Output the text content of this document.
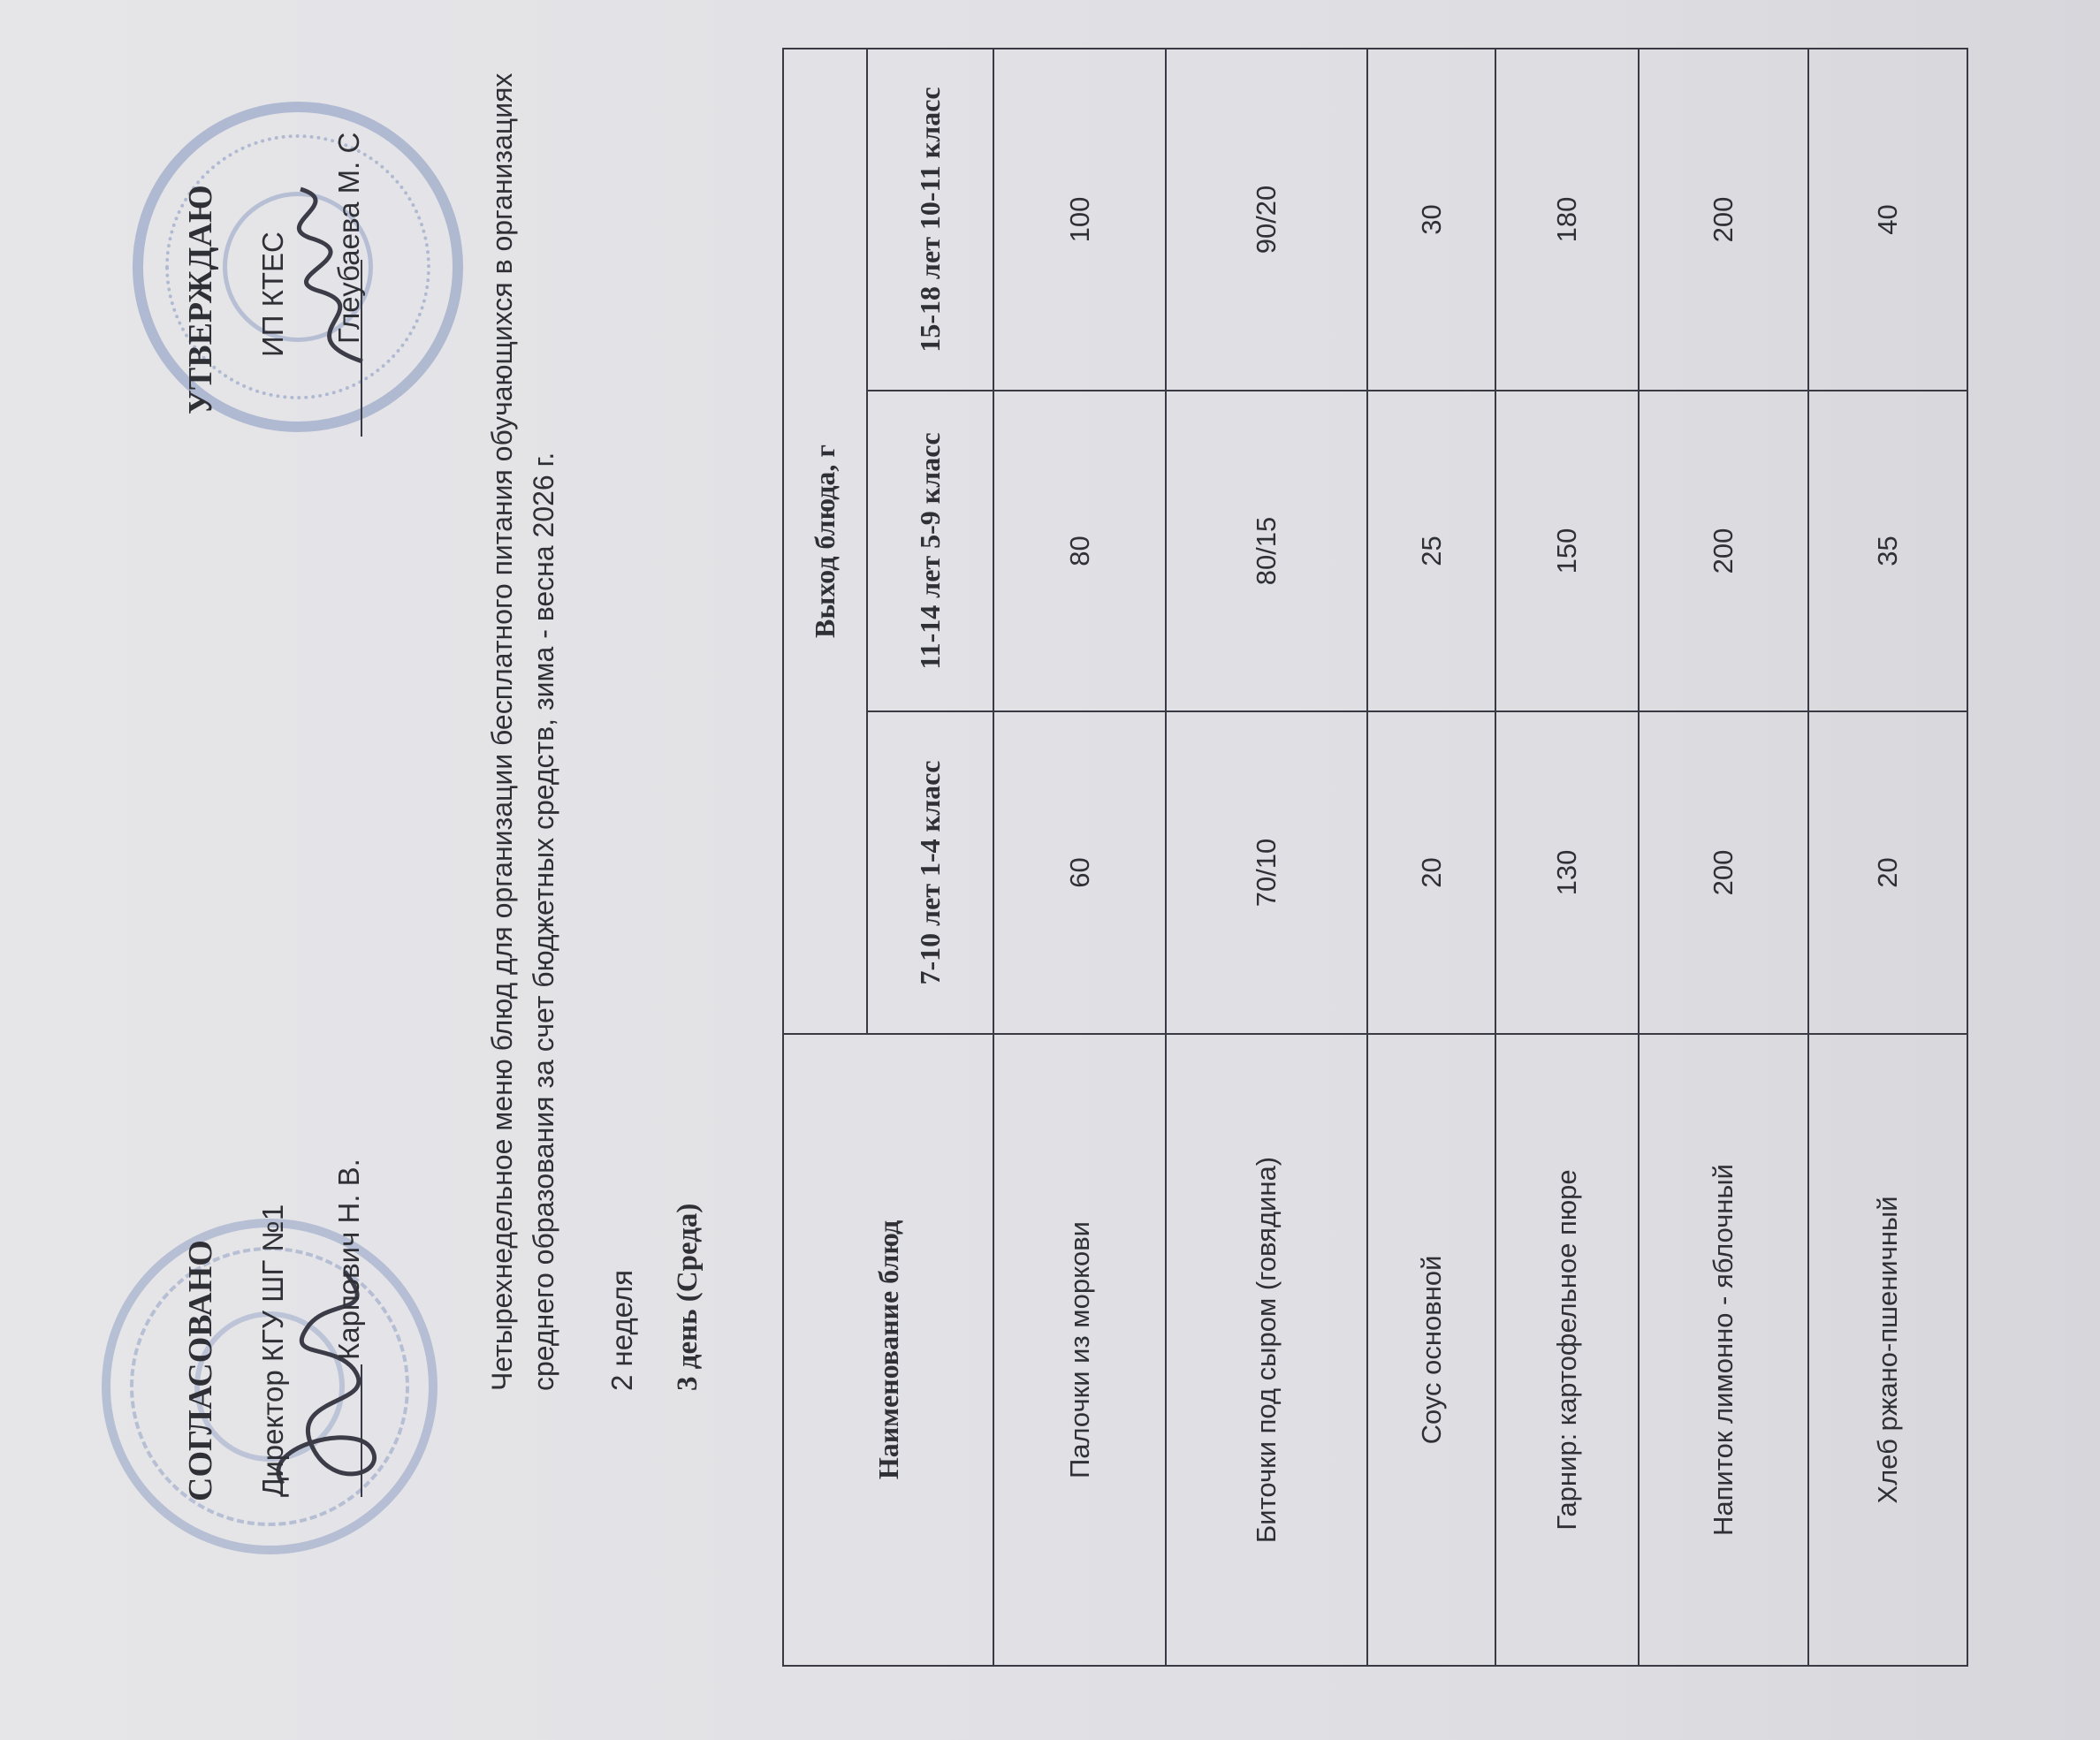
СОГЛАСОВАНО Директор КГУ ШГ №1 Карпович Н. В.
УТВЕРЖДАЮ ИП КТЕС Глеубаева М. С	Четырехнедельное меню блюд для организации бесплатного питания обучающихся в организациях среднего образования за счет бюджетных средств, зима - весна 2026 г. 2 неделя 3 день (Среда)	Наименование блюд	Выход блюда, г		
	7-10 лет 1-4 класс	11-14 лет 5-9 класс	15-18 лет 10-11 класс
Палочки из моркови	60	80	100
Биточки под сыром (говядина)	70/10	80/15	90/20
Соус основной	20	25	30
Гарнир: картофельное пюре	130	150	180
Напиток лимонно - яблочный	200	200	200
Хлеб ржано-пшеничный	20	35	40
